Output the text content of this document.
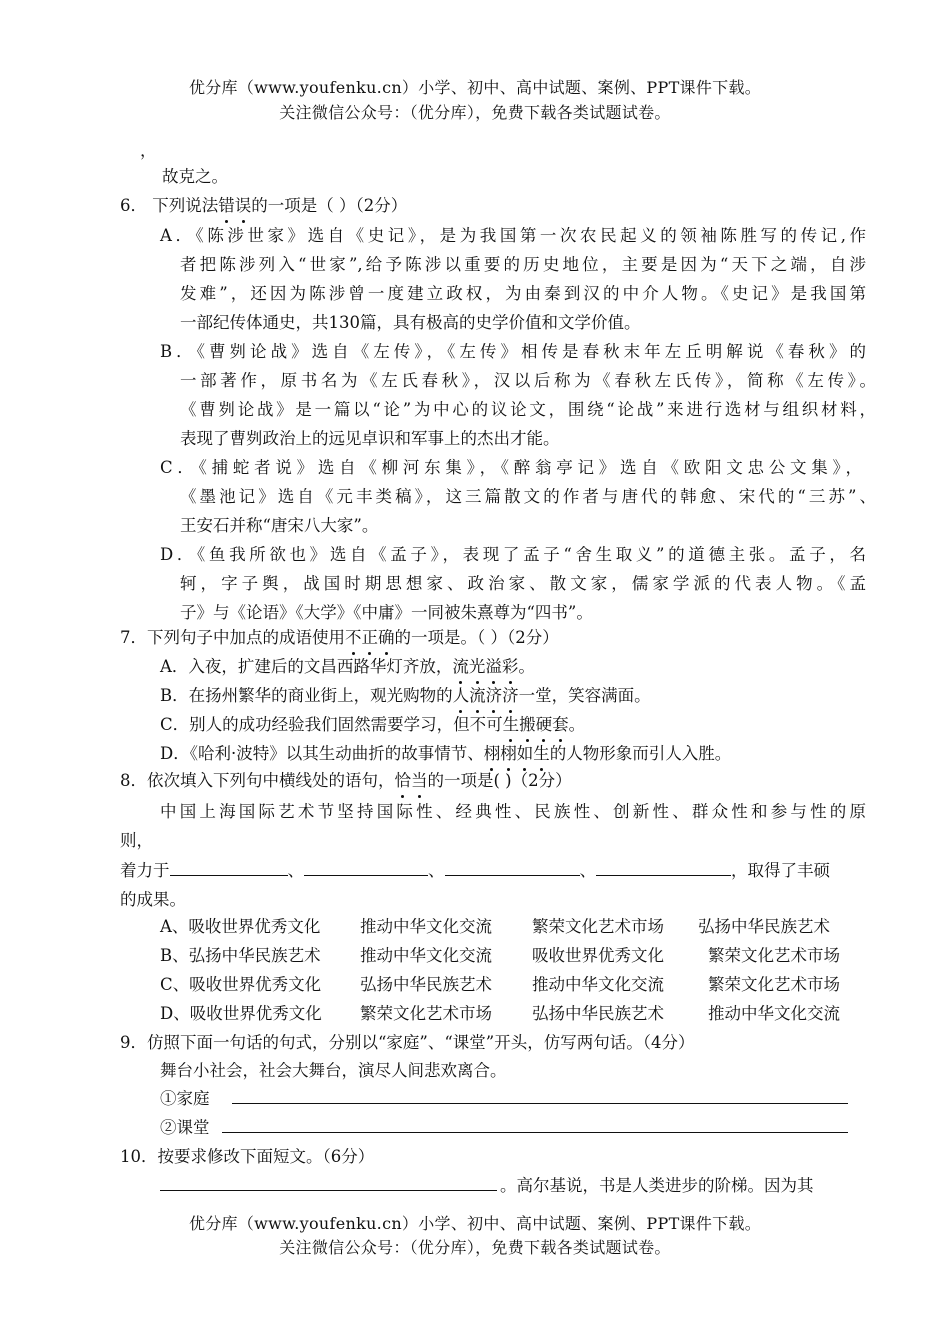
优分库（www.youfenku.cn）小学、初中、高中试题、案例、PPT课件下载。
关注微信公众号：（优分库），免费下载各类试题试卷。
，
故克之。
6． 下列说法错误的一项是（ ）（2分）
A．《陈涉世家》选自《史记》，是为我国第一次农民起义的领袖陈胜写的传记,作
者把陈涉列入“世家”,给予陈涉以重要的历史地位，主要是因为“天下之端，自涉
发难”，还因为陈涉曾一度建立政权，为由秦到汉的中介人物。《史记》是我国第
一部纪传体通史，共130篇，具有极高的史学价值和文学价值。
B．《曹刿论战》选自《左传》，《左传》相传是春秋末年左丘明解说《春秋》的
一部著作，原书名为《左氏春秋》，汉以后称为《春秋左氏传》，简称《左传》。
《曹刿论战》是一篇以“论”为中心的议论文，围绕“论战”来进行选材与组织材料，
表现了曹刿政治上的远见卓识和军事上的杰出才能。
C．《捕蛇者说》选自《柳河东集》，《醉翁亭记》选自《欧阳文忠公文集》，
《墨池记》选自《元丰类稿》，这三篇散文的作者与唐代的韩愈、宋代的“三苏”、
王安石并称“唐宋八大家”。
D．《鱼我所欲也》选自《孟子》，表现了孟子“舍生取义”的道德主张。孟子，名
轲，字子舆，战国时期思想家、政治家、散文家，儒家学派的代表人物。《孟
子》与《论语》《大学》《中庸》一同被朱熹尊为“四书”。
7．下列句子中加点的成语使用不正确的一项是。（ ）（2分）
A．入夜，扩建后的文昌西路华灯齐放，流光溢彩。
B．在扬州繁华的商业街上，观光购物的人流济济一堂，笑容满面。
C．别人的成功经验我们固然需要学习，但不可生搬硬套。
D．《哈利·波特》以其生动曲折的故事情节、栩栩如生的人物形象而引人入胜。
8．依次填入下列句中横线处的语句，恰当的一项是( )（2分）
中国上海国际艺术节坚持国际性、经典性、民族性、创新性、群众性和参与性的原
则，
着力于	、	、	、	，取得了丰硕
的成果。
A、吸收世界优秀文化 推动中华文化交流 繁荣文化艺术市场 弘扬中华民族艺术
B、弘扬中华民族艺术 推动中华文化交流 吸收世界优秀文化	繁荣文化艺术市场
C、吸收世界优秀文化 弘扬中华民族艺术 推动中华文化交流	繁荣文化艺术市场
D、吸收世界优秀文化 繁荣文化艺术市场 弘扬中华民族艺术	推动中华文化交流
9．仿照下面一句话的句式，分别以“家庭”、“课堂”开头，仿写两句话。（4分）
舞台小社会，社会大舞台，演尽人间悲欢离合。
①家庭
②课堂
10．按要求修改下面短文。（6分）
。高尔基说，书是人类进步的阶梯。因为其
优分库（www.youfenku.cn）小学、初中、高中试题、案例、PPT课件下载。
关注微信公众号：（优分库），免费下载各类试题试卷。
